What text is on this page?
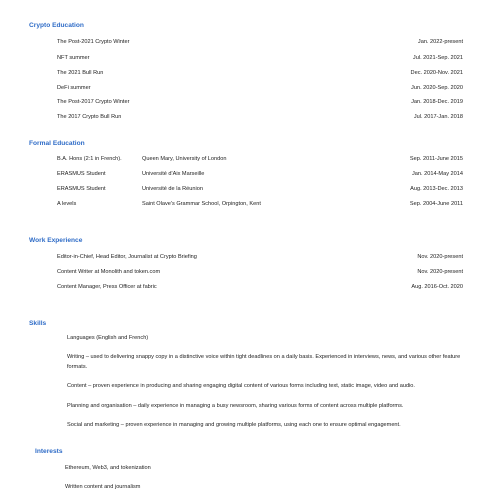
Crypto Education
The Post-2021 Crypto Winter	Jan. 2022-present
NFT summer	Jul. 2021-Sep. 2021
The 2021 Bull Run	Dec. 2020-Nov. 2021
DeFi summer	Jun. 2020-Sep. 2020
The Post-2017 Crypto Winter	Jan. 2018-Dec. 2019
The 2017 Crypto Bull Run	Jul. 2017-Jan. 2018
Formal Education
B.A. Hons (2:1 in French).	Queen Mary, University of London	Sep. 2011-June 2015
ERASMUS Student	Université d'Aix Marseille	Jan. 2014-May 2014
ERASMUS Student	Université de la Réunion	Aug. 2013-Dec. 2013
A levels	Saint Olave's Grammar School, Orpington, Kent	Sep. 2004-June 2011
Work Experience
Editor-in-Chief, Head Editor, Journalist at Crypto Briefing	Nov. 2020-present
Content Writer at Monolith and token.com	Nov. 2020-present
Content Manager, Press Officer at fabric	Aug. 2016-Oct. 2020
Skills
Languages (English and French)
Writing – used to delivering snappy copy in a distinctive voice within tight deadlines on a daily basis. Experienced in interviews, news, and various other feature formats.
Content – proven experience in producing and sharing engaging digital content of various forms including text, static image, video and audio.
Planning and organisation – daily experience in managing a busy newsroom, sharing various forms of content across multiple platforms.
Social and marketing – proven experience in managing and growing multiple platforms, using each one to ensure optimal engagement.
Interests
Ethereum, Web3, and tokenization
Written content and journalism
